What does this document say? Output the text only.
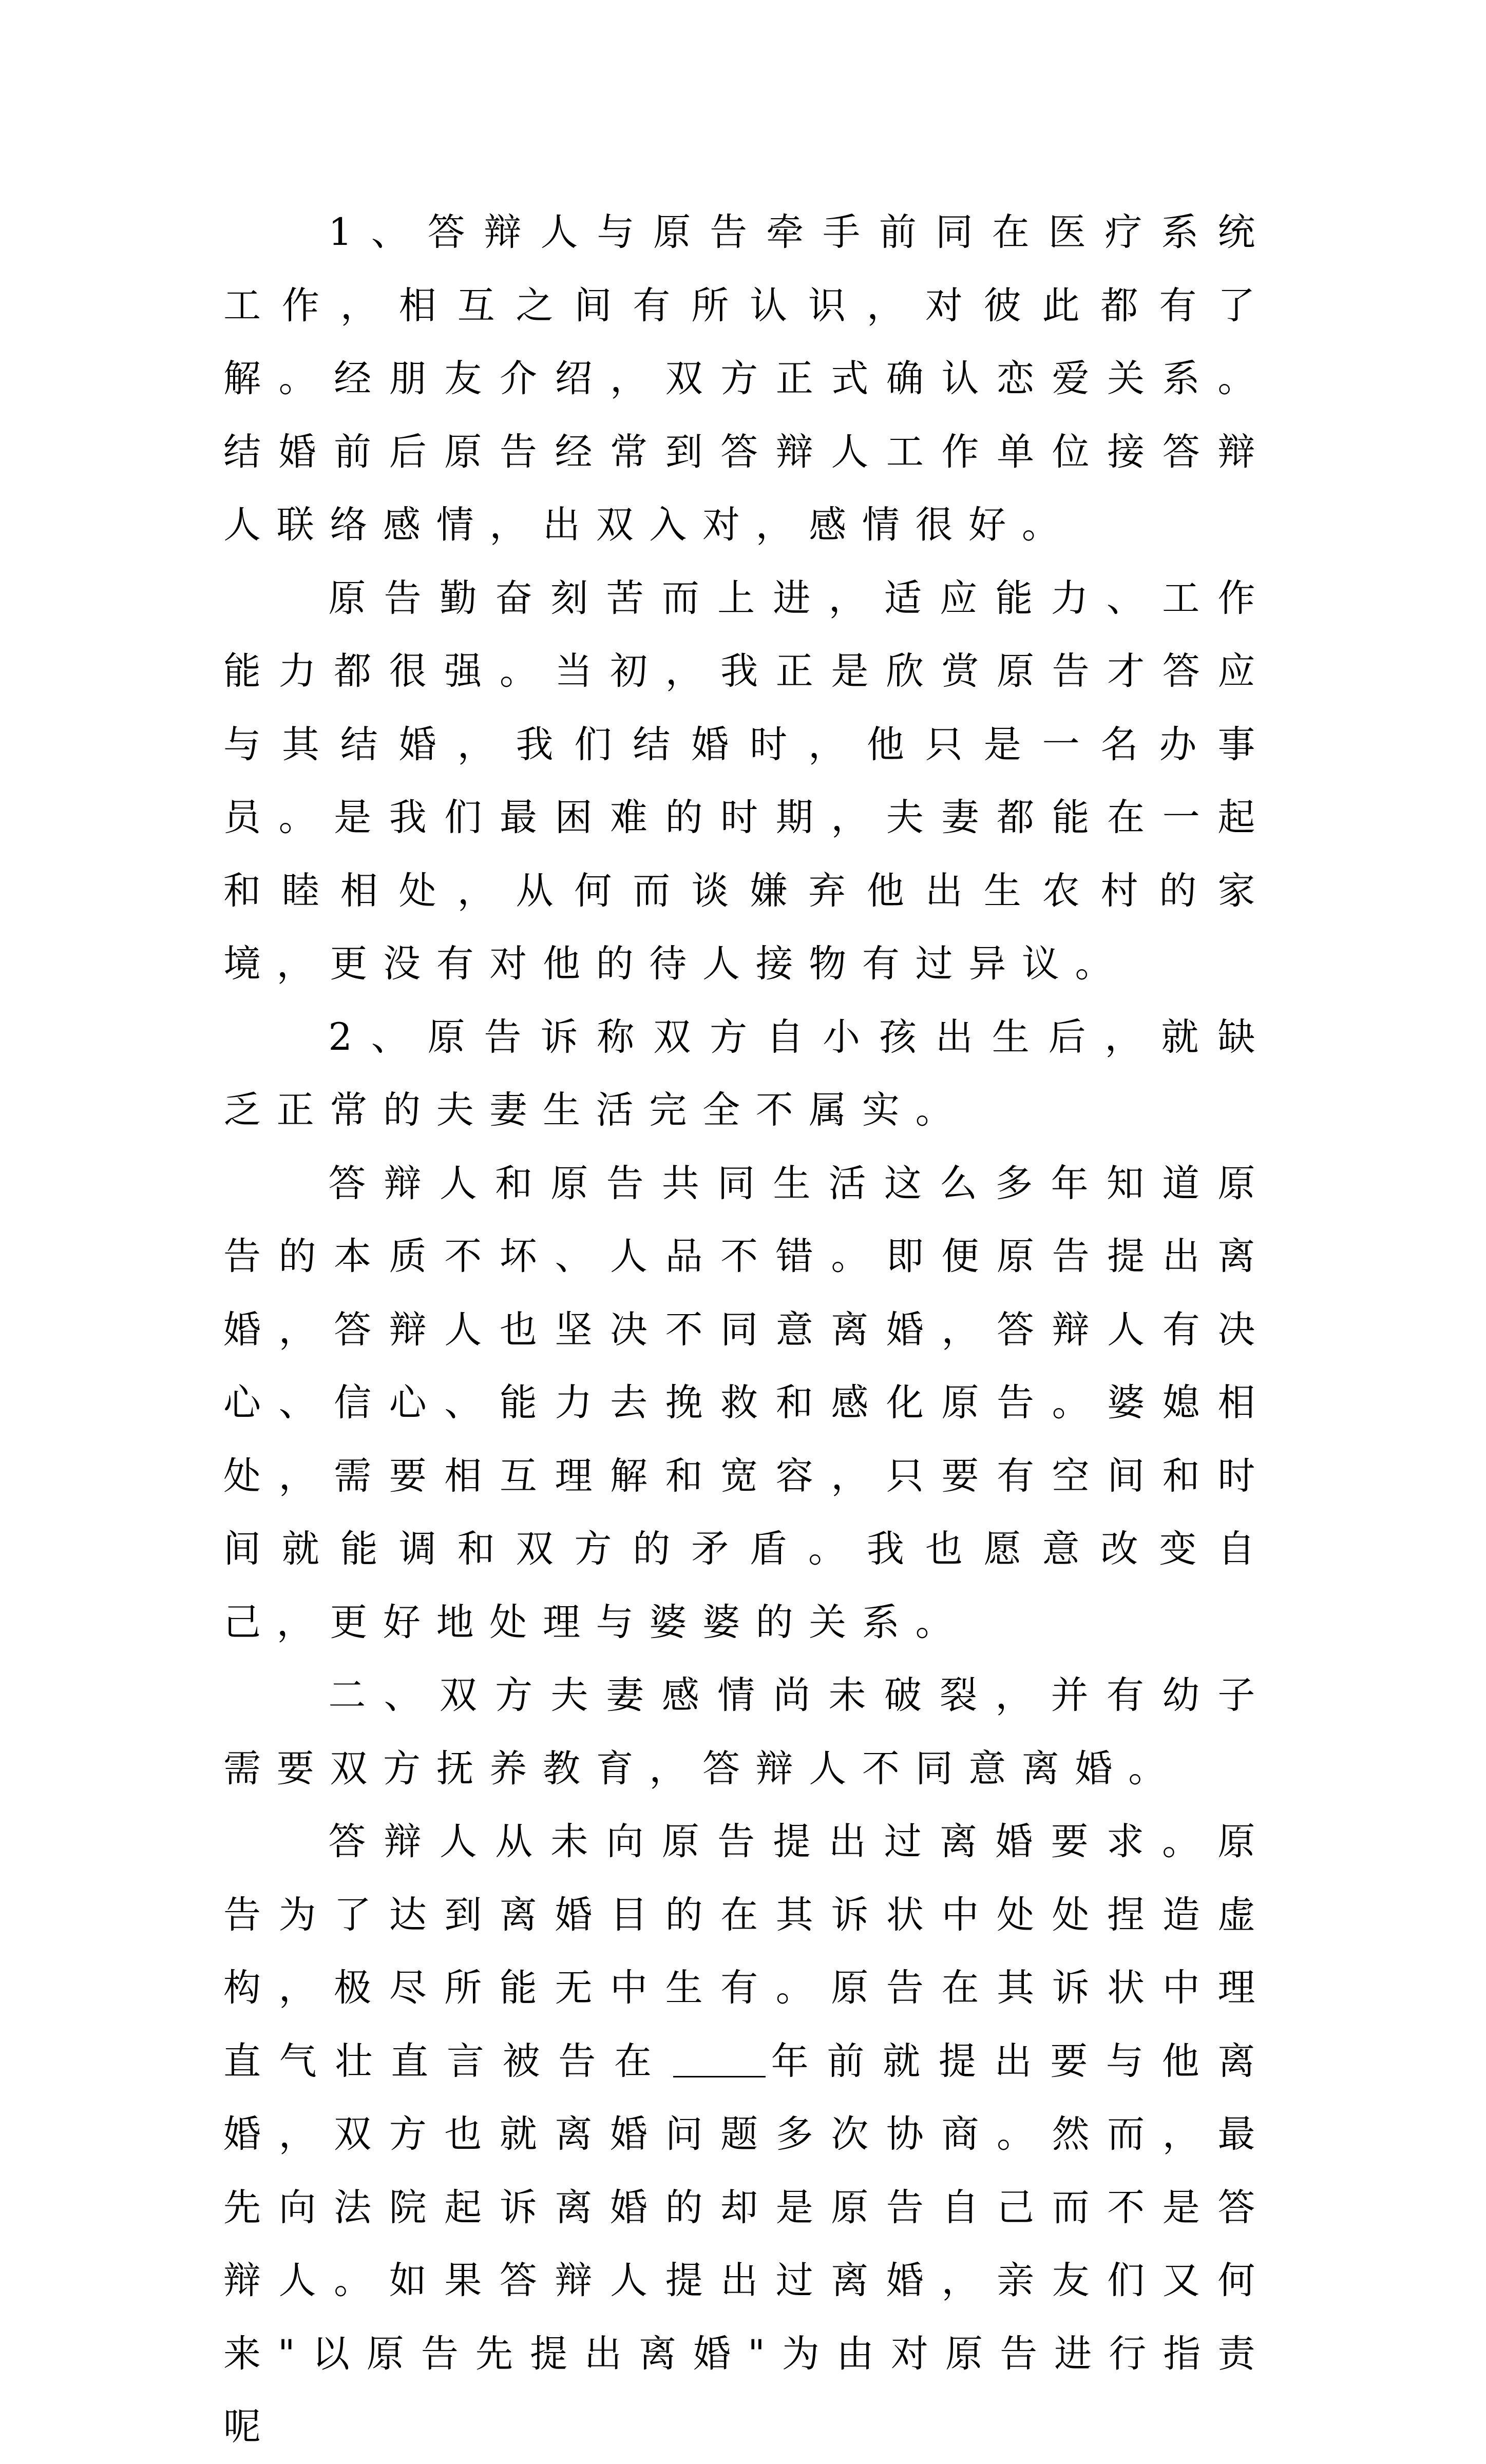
1、答辩人与原告牵手前同在医疗系统工作，相互之间有所认识，对彼此都有了解。经朋友介绍，双方正式确认恋爱关系。结婚前后原告经常到答辩人工作单位接答辩人联络感情，出双入对，感情很好。

原告勤奋刻苦而上进，适应能力、工作能力都很强。当初，我正是欣赏原告才答应与其结婚，我们结婚时，他只是一名办事员。是我们最困难的时期，夫妻都能在一起和睦相处，从何而谈嫌弃他出生农村的家境，更没有对他的待人接物有过异议。

2、原告诉称双方自小孩出生后，就缺乏正常的夫妻生活完全不属实。

答辩人和原告共同生活这么多年知道原告的本质不坏、人品不错。即便原告提出离婚，答辩人也坚决不同意离婚，答辩人有决心、信心、能力去挽救和感化原告。婆媳相处，需要相互理解和宽容，只要有空间和时间就能调和双方的矛盾。我也愿意改变自己，更好地处理与婆婆的关系。

二、双方夫妻感情尚未破裂，并有幼子需要双方抚养教育，答辩人不同意离婚。

答辩人从未向原告提出过离婚要求。原告为了达到离婚目的在其诉状中处处捏造虚构，极尽所能无中生有。原告在其诉状中理直气壮直言被告在	年前就提出要与他离婚，双方也就离婚问题多次协商。然而，最先向法院起诉离婚的却是原告自己而不是答辩人。如果答辩人提出过离婚，亲友们又何来"以原告先提出离婚"为由对原告进行指责呢
